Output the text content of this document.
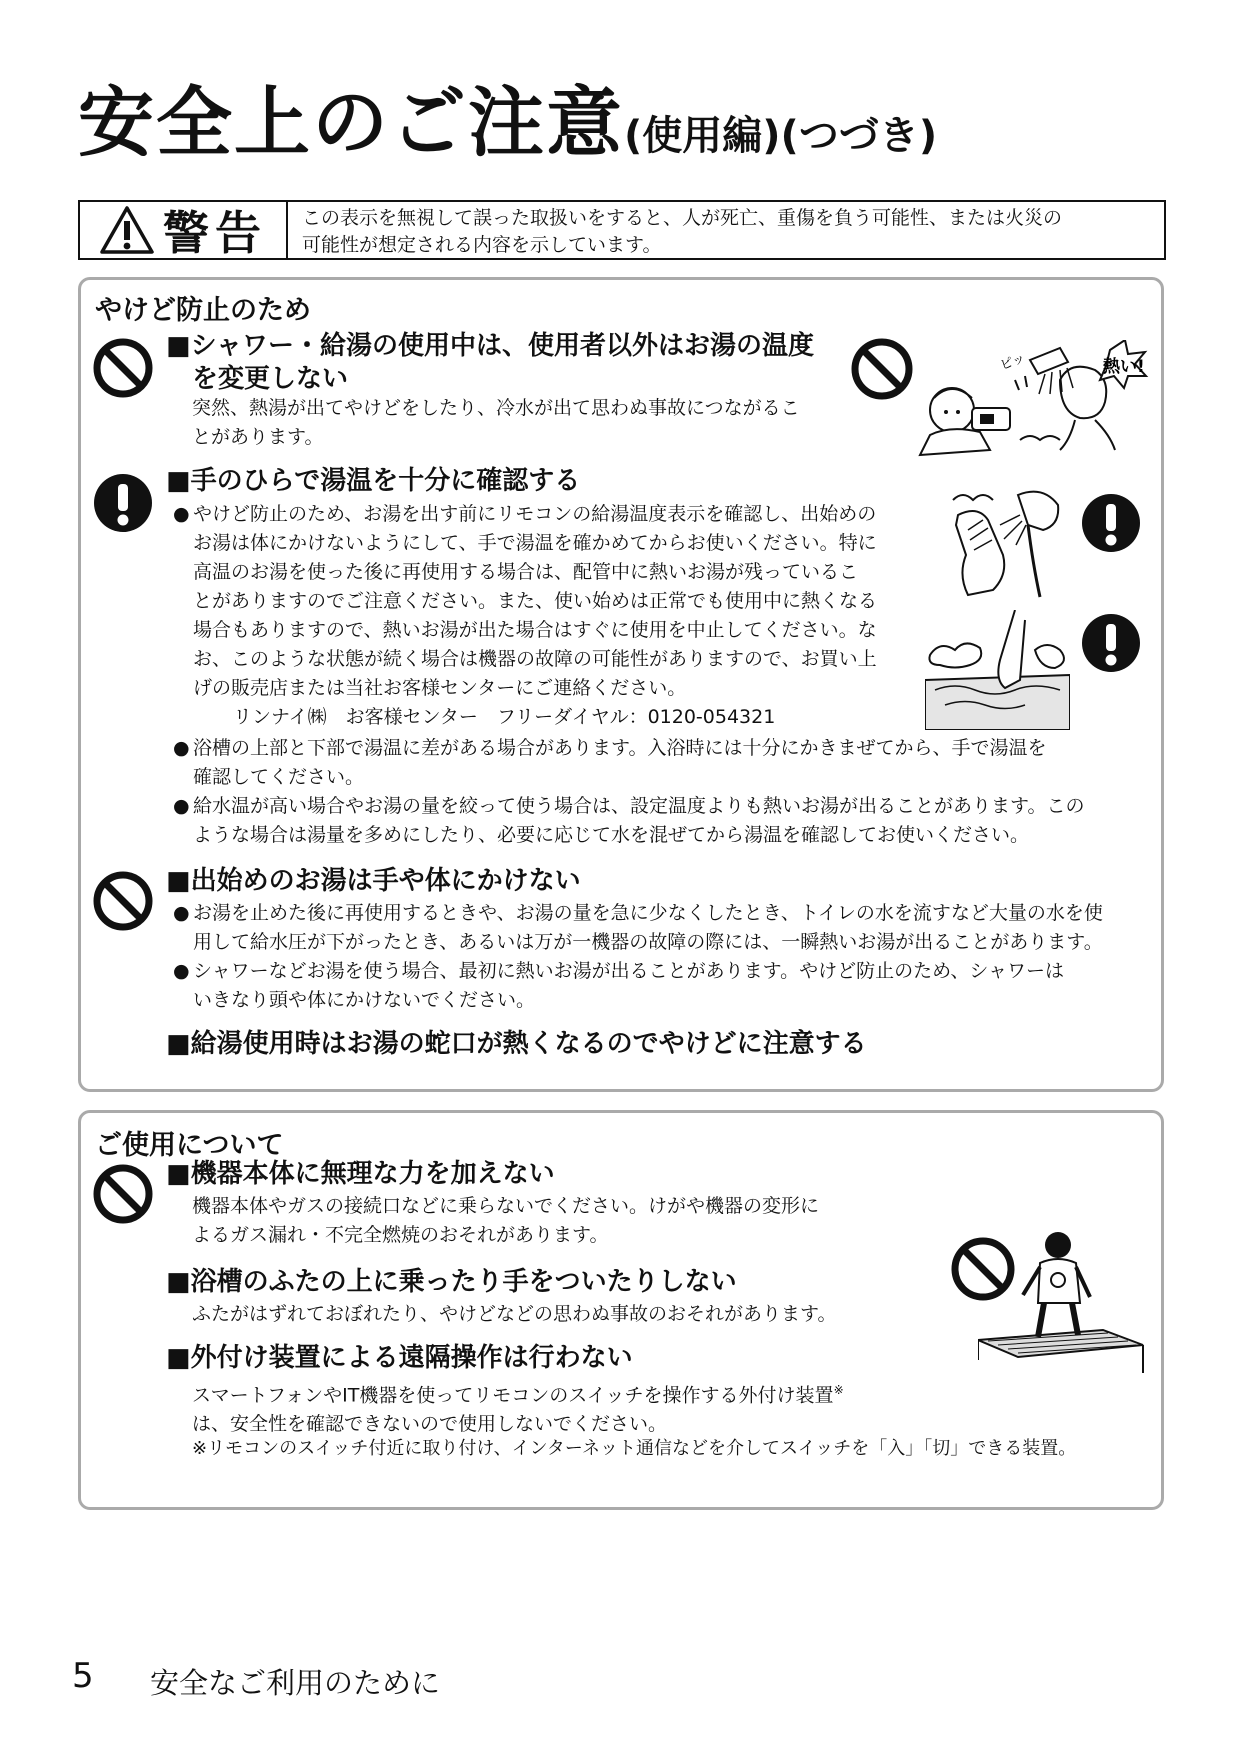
安全上のご注意(使用編)(つづき)
警告 この表示を無視して誤った取扱いをすると、人が死亡、重傷を負う可能性、または火災の
可能性が想定される内容を示しています。
やけど防止のため
■シャワー・給湯の使用中は、使用者以外はお湯の温度
を変更しない
突然、熱湯が出てやけどをしたり、冷水が出て思わぬ事故につながるこ
とがあります。
熱い!
ピッ
■手のひらで湯温を十分に確認する
● やけど防止のため、お湯を出す前にリモコンの給湯温度表示を確認し、出始めの
お湯は体にかけないようにして、手で湯温を確かめてからお使いください。特に
高温のお湯を使った後に再使用する場合は、配管中に熱いお湯が残っているこ
とがありますのでご注意ください。また、使い始めは正常でも使用中に熱くなる
場合もありますので、熱いお湯が出た場合はすぐに使用を中止してください。な
お、このような状態が続く場合は機器の故障の可能性がありますので、お買い上
げの販売店または当社お客様センターにご連絡ください。
リンナイ㈱　お客様センター　フリーダイヤル：0120-054321
● 浴槽の上部と下部で湯温に差がある場合があります。入浴時には十分にかきまぜてから、手で湯温を
確認してください。
● 給水温が高い場合やお湯の量を絞って使う場合は、設定温度よりも熱いお湯が出ることがあります。この
ような場合は湯量を多めにしたり、必要に応じて水を混ぜてから湯温を確認してお使いください。
■出始めのお湯は手や体にかけない
● お湯を止めた後に再使用するときや、お湯の量を急に少なくしたとき、トイレの水を流すなど大量の水を使
用して給水圧が下がったとき、あるいは万が一機器の故障の際には、一瞬熱いお湯が出ることがあります。
● シャワーなどお湯を使う場合、最初に熱いお湯が出ることがあります。やけど防止のため、シャワーは
いきなり頭や体にかけないでください。
■給湯使用時はお湯の蛇口が熱くなるのでやけどに注意する
ご使用について
■機器本体に無理な力を加えない
機器本体やガスの接続口などに乗らないでください。けがや機器の変形に
よるガス漏れ・不完全燃焼のおそれがあります。
■浴槽のふたの上に乗ったり手をついたりしない
ふたがはずれておぼれたり、やけどなどの思わぬ事故のおそれがあります。
■外付け装置による遠隔操作は行わない
スマートフォンやIT機器を使ってリモコンのスイッチを操作する外付け装置※
は、安全性を確認できないので使用しないでください。
※リモコンのスイッチ付近に取り付け、インターネット通信などを介してスイッチを「入」「切」できる装置。
5 安全なご利用のために
